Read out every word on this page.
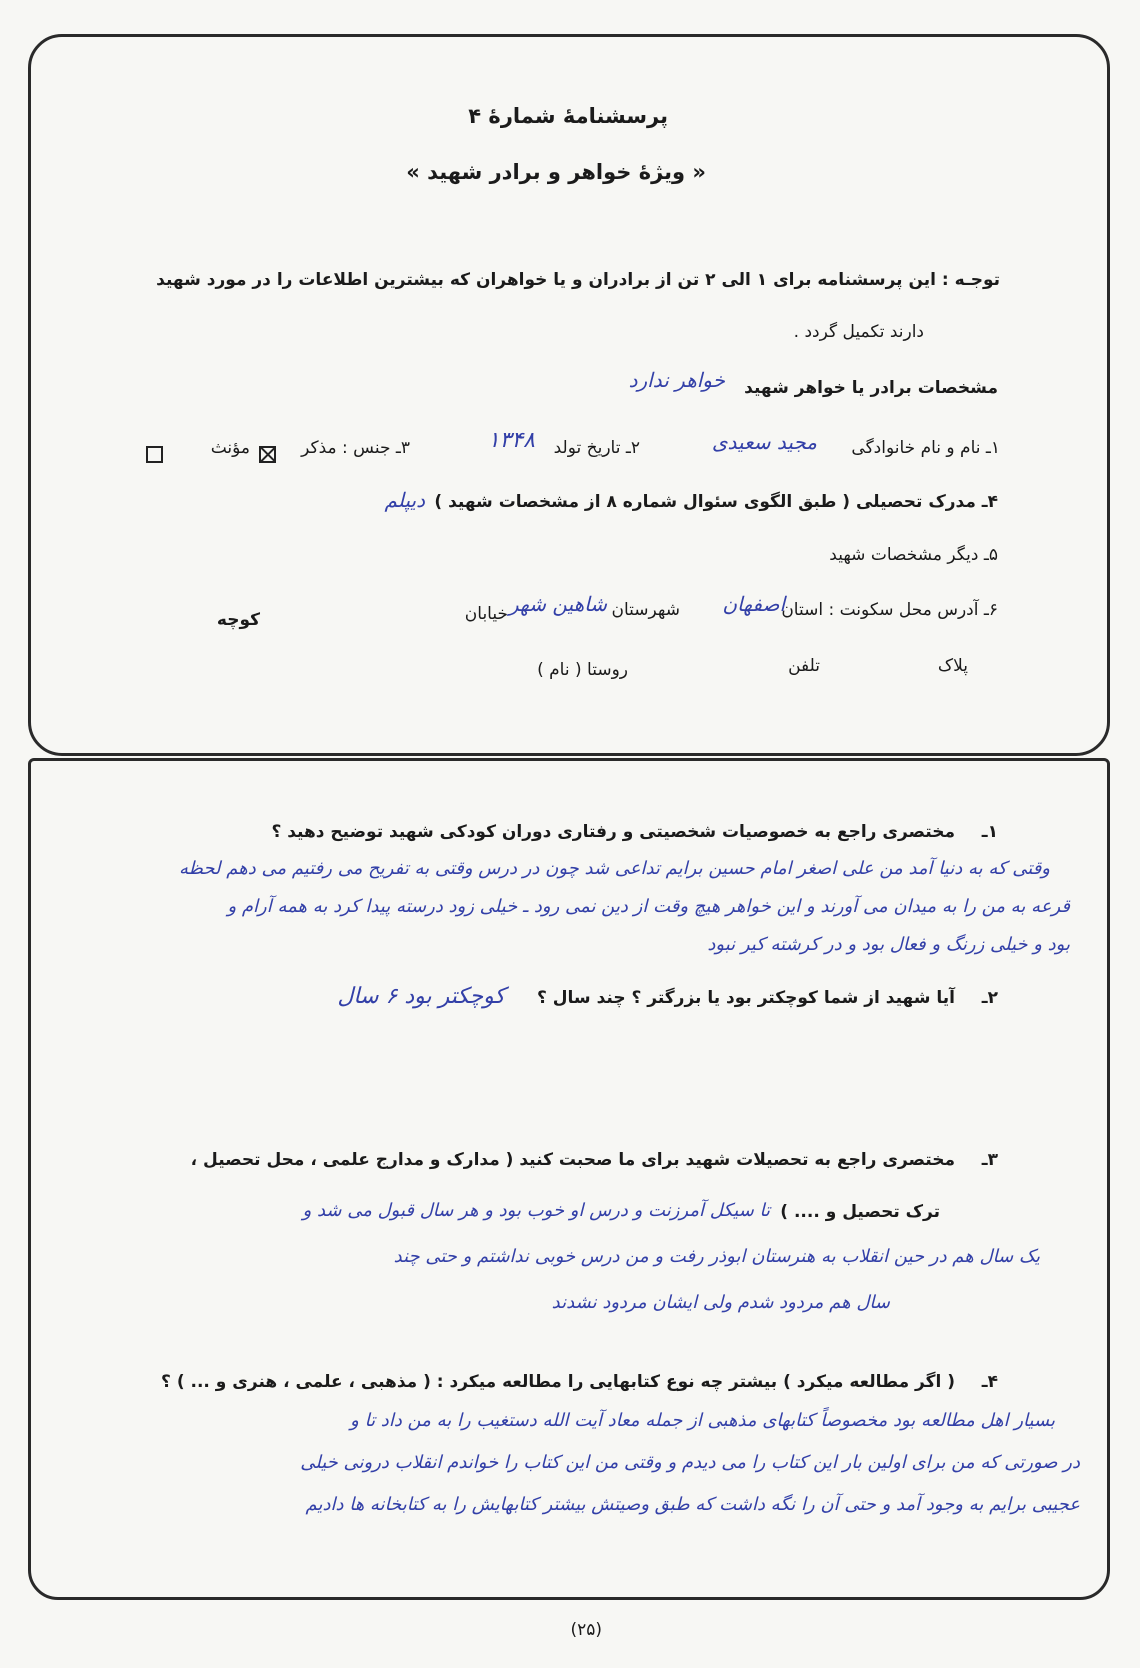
پرسشنامهٔ شمارهٔ ۴
« ویژهٔ خواهر و برادر شهید »
توجـه : این پرسشنامه برای ۱ الی ۲ تن از برادران و یا خواهران که بیشترین اطلاعات را در مورد شهید
دارند تکمیل گردد .
مشخصات برادر یا خواهر شهید
خواهر ندارد
۱ـ نام و نام خانوادگی
مجید سعیدی
۲ـ تاریخ تولد
۱۳۴۸
۳ـ جنس : مذکر

مؤنث
۴ـ مدرک تحصیلی ( طبق الگوی سئوال شماره ۸ از مشخصات شهید )
دیپلم
۵ـ دیگر مشخصات شهید
۶ـ آدرس محل سکونت : استان
اصفهان
شهرستان
شاهین شهر
خیابان
کوچه
پلاک
تلفن
روستا ( نام )
۱ـ
مختصری راجع به خصوصیات شخصیتی و رفتاری دوران کودکی شهید توضیح دهید ؟
وقتی که به دنیا آمد من علی اصغر امام حسین برایم تداعی شد چون در درس وقتی به تفریح می رفتیم می دهم لحظه
قرعه به من را به میدان می آورند و این خواهر هیچ وقت از دین نمی رود ـ خیلی زود درسته پیدا کرد به همه آرام و
بود و خیلی زرنگ و فعال بود و در کرشته کیر نبود
۲ـ
آیا شهید از شما کوچکتر بود یا بزرگتر ؟ چند سال ؟
کوچکتر بود ۶ سال
۳ـ
مختصری راجع به تحصیلات شهید برای ما صحبت کنید ( مدارک و مدارج علمی ، محل تحصیل ،
ترک تحصیل و .... )
تا سیکل آمرزنت و درس او خوب بود و هر سال قبول می شد و
یک سال هم در حین انقلاب به هنرستان ابوذر رفت و من درس خوبی نداشتم و حتی چند
سال هم مردود شدم ولی ایشان مردود نشدند
۴ـ
( اگر مطالعه میکرد ) بیشتر چه نوع کتابهایی را مطالعه میکرد : ( مذهبی ، علمی ، هنری و ... ) ؟
بسیار اهل مطالعه بود مخصوصاً کتابهای مذهبی از جمله معاد آیت الله دستغیب را به من داد تا و
در صورتی که من برای اولین بار این کتاب را می دیدم و وقتی من این کتاب را خواندم انقلاب درونی خیلی
عجیبی برایم به وجود آمد و حتی آن را نگه داشت که طبق وصیتش بیشتر کتابهایش را به کتابخانه ها دادیم
(۲۵)
